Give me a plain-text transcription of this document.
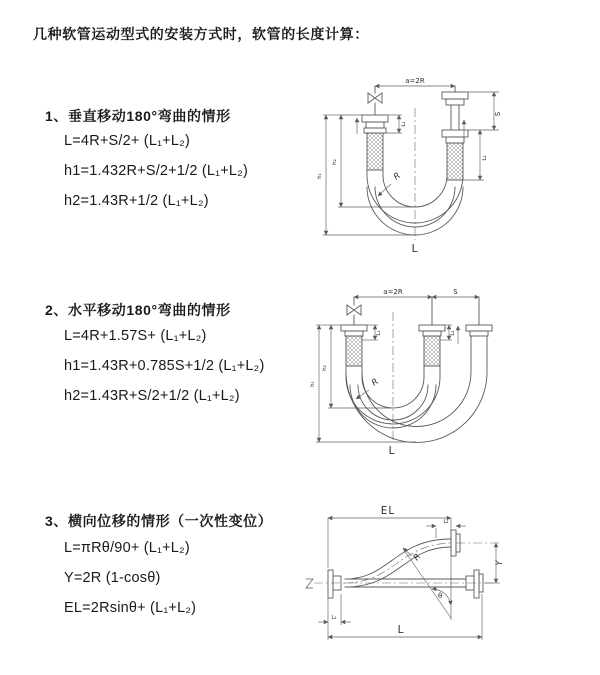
几种软管运动型式的安装方式时，软管的长度计算：
1、垂直移动180°弯曲的情形
L=4R+S/2+ (L₁+L₂)
h1=1.432R+S/2+1/2 (L₁+L₂)
h2=1.43R+1/2 (L₁+L₂)
a=2R
S
L₂
L₁
h₂
h₁	R
L
2、水平移动180°弯曲的情形
L=4R+1.57S+ (L₁+L₂)
h1=1.43R+0.785S+1/2 (L₁+L₂)
h2=1.43R+S/2+1/2 (L₁+L₂)
a=2R	S
L₁	L₂
h₂
h₁	R
L
3、横向位移的情形（一次性变位）
L=πRθ/90+ (L₁+L₂)
Y=2R (1-cosθ)
EL=2Rsinθ+ (L₁+L₂)
EL
L₂
Y
L
L₁
R
θ
